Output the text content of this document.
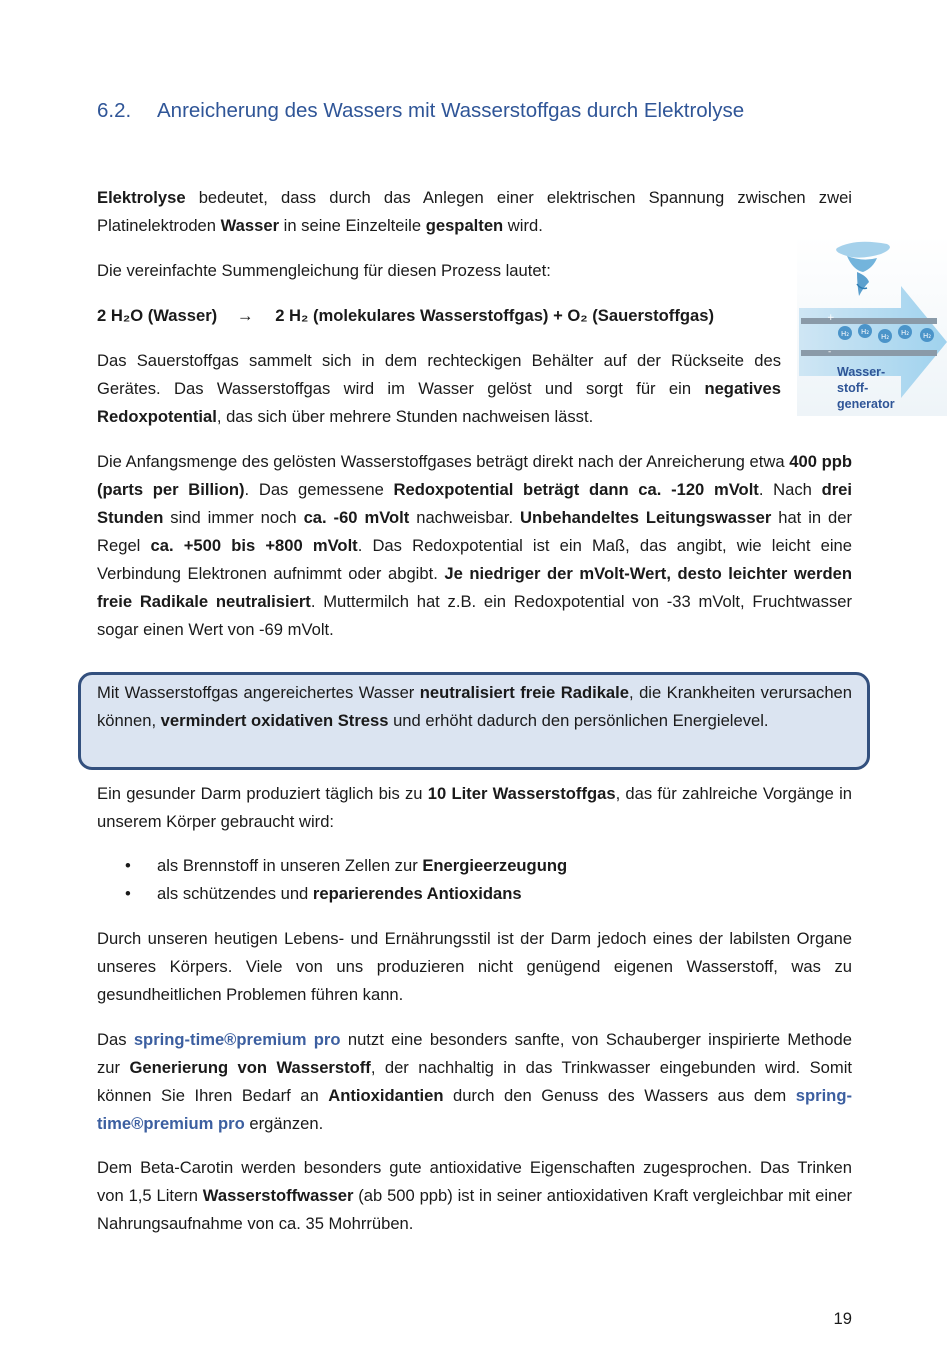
6.2. Anreicherung des Wassers mit Wasserstoffgas durch Elektrolyse

Elektrolyse bedeutet, dass durch das Anlegen einer elektrischen Spannung zwischen zwei Platinelektroden Wasser in seine Einzelteile gespalten wird.

Die vereinfachte Summengleichung für diesen Prozess lautet:

2 H₂O (Wasser) → 2 H₂ (molekulares Wasserstoffgas) + O₂ (Sauerstoffgas)

Das Sauerstoffgas sammelt sich in dem rechteckigen Behälter auf der Rückseite des Gerätes. Das Wasserstoffgas wird im Wasser gelöst und sorgt für ein negatives Redoxpotential, das sich über mehrere Stunden nachweisen lässt.

+
-
H₂ H₂
H₂ H₂ H₂
Wasser-
stoff-
generator

Die Anfangsmenge des gelösten Wasserstoffgases beträgt direkt nach der Anreicherung etwa 400 ppb (parts per Billion). Das gemessene Redoxpotential beträgt dann ca. -120 mVolt. Nach drei Stunden sind immer noch ca. -60 mVolt nachweisbar. Unbehandeltes Leitungswasser hat in der Regel ca. +500 bis +800 mVolt. Das Redoxpotential ist ein Maß, das angibt, wie leicht eine Verbindung Elektronen aufnimmt oder abgibt. Je niedriger der mVolt-Wert, desto leichter werden freie Radikale neutralisiert. Muttermilch hat z.B. ein Redoxpotential von -33 mVolt, Fruchtwasser sogar einen Wert von -69 mVolt.

Mit Wasserstoffgas angereichertes Wasser neutralisiert freie Radikale, die Krankheiten verursachen können, vermindert oxidativen Stress und erhöht dadurch den persönlichen Energielevel.

Ein gesunder Darm produziert täglich bis zu 10 Liter Wasserstoffgas, das für zahlreiche Vorgänge in unserem Körper gebraucht wird:

• als Brennstoff in unseren Zellen zur Energieerzeugung
• als schützendes und reparierendes Antioxidans

Durch unseren heutigen Lebens- und Ernährungsstil ist der Darm jedoch eines der labilsten Organe unseres Körpers. Viele von uns produzieren nicht genügend eigenen Wasserstoff, was zu gesundheitlichen Problemen führen kann.

Das spring-time®premium pro nutzt eine besonders sanfte, von Schauberger inspirierte Methode zur Generierung von Wasserstoff, der nachhaltig in das Trinkwasser eingebunden wird. Somit können Sie Ihren Bedarf an Antioxidantien durch den Genuss des Wassers aus dem spring-time®premium pro ergänzen.

Dem Beta-Carotin werden besonders gute antioxidative Eigenschaften zugesprochen. Das Trinken von 1,5 Litern Wasserstoffwasser (ab 500 ppb) ist in seiner antioxidativen Kraft vergleichbar mit einer Nahrungsaufnahme von ca. 35 Mohrrüben.

19
